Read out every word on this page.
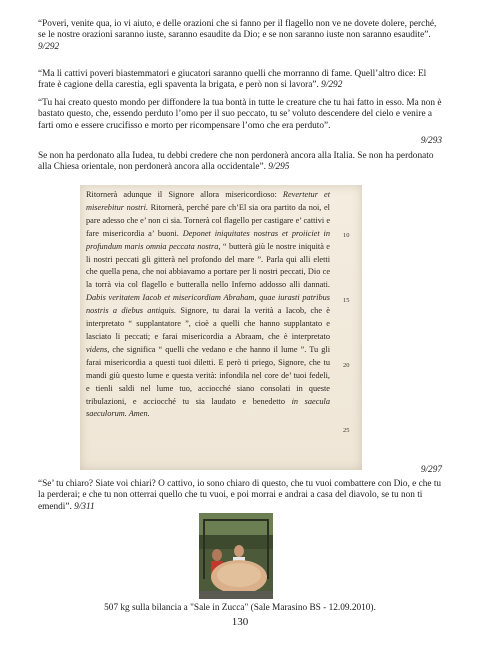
“Poveri, venite qua, io vi aiuto, e delle orazioni che si fanno per il flagello non ve ne dovete dolere, perché, se le nostre orazioni saranno iuste, saranno esaudite da Dio; e se non saranno iuste non saranno esaudite”. 9/292

“Ma li cattivi poveri biastemmatori e giucatori saranno quelli che morranno di fame. Quell’altro dice: El frate è cagione della carestia, egli spaventa la brigata, e però non si lavora”. 9/292

“Tu hai creato questo mondo per diffondere la tua bontà in tutte le creature che tu hai fatto in esso. Ma non è bastato questo, che, essendo perduto l’omo per il suo peccato, tu se’ voluto descendere del cielo e venire a farti omo e essere crucifisso e morto per ricompensare l’omo che era perduto”.

9/293

Se non ha perdonato alla Iudea, tu debbi credere che non perdonerà ancora alla Italia. Se non ha perdonato alla Chiesa orientale, non perdonerà ancora alla occidentale”. 9/295

Ritornerà adunque il Signore allora misericordioso: Revertetur et miserebitur nostri. Ritornerà, perché pare ch’El sia ora partito da noi, el pare adesso che e’ non ci sia. Tornerà col flagello per castigare e’ cattivi e fare misericordia a’ buoni. Deponet iniquitates nostras et proiiciet in profundum maris omnia peccata nostra, “ butterà giù le nostre iniquità e li nostri peccati gli gitterà nel profondo del mare ”. Parla qui alli eletti che quella pena, che noi abbiavamo a portare per li nostri peccati, Dio ce la torrà via col flagello e butteralla nello Inferno addosso alli dannati. Dabis veritatem Iacob et misericordiam Abraham, quae iurasti patribus nostris a diebus antiquis. Signore, tu darai la verità a Iacob, che è interpretato “ supplantatore ”, cioè a quelli che hanno supplantato e lasciato li peccati; e farai misericordia a Abraam, che è interpretato videns, che significa “ quelli che vedano e che hanno il lume ”. Tu gli farai misericordia a questi tuoi diletti. E però ti priego, Signore, che tu mandi giù questo lume e questa verità: infondila nel core de’ tuoi fedeli, e tienli saldi nel lume tuo, acciocché siano consolati in queste tribulazioni, e acciocché tu sia laudato e benedetto in saecula saeculorum. Amen.

10
15
20
25
9/297

“Se’ tu chiaro? Siate voi chiari? O cattivo, io sono chiaro di questo, che tu vuoi combattere con Dio, e che tu la perderai; e che tu non otterrai quello che tu vuoi, e poi morrai e andrai a casa del diavolo, se tu non ti emendi”. 9/311

507 kg sulla bilancia a "Sale in Zucca" (Sale Marasino BS - 12.09.2010).
130
